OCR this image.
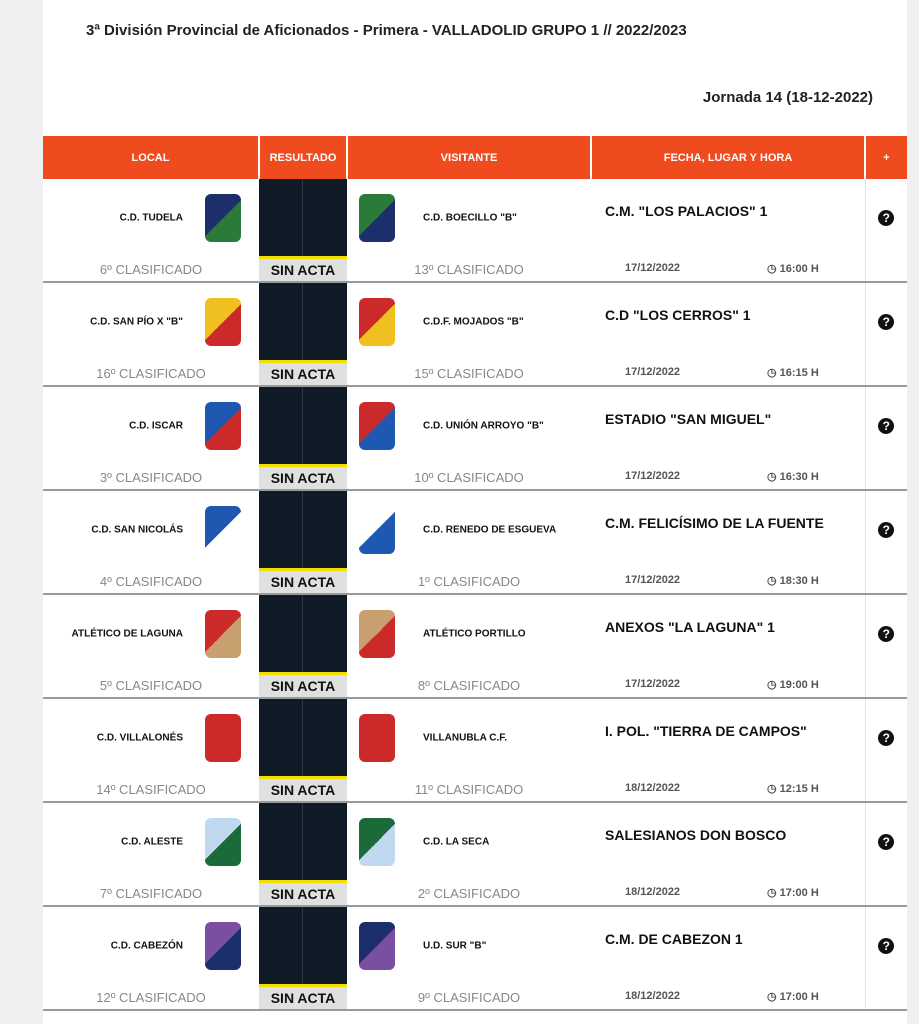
3ª División Provincial de Aficionados - Primera - VALLADOLID GRUPO 1 // 2022/2023
Jornada 14 (18-12-2022)
LOCAL	RESULTADO	VISITANTE	FECHA, LUGAR Y HORA	+

C.D. TUDELA		C.D. BOECILLO "B"	C.M. "LOS PALACIOS" 1	?
6º CLASIFICADO	SIN ACTA	13º CLASIFICADO	17/12/2022 ◷ 16:00 H	

C.D. SAN PÍO X "B"		C.D.F. MOJADOS "B"	C.D "LOS CERROS" 1	?
16º CLASIFICADO	SIN ACTA	15º CLASIFICADO	17/12/2022 ◷ 16:15 H	

C.D. ISCAR		C.D. UNIÓN ARROYO "B"	ESTADIO "SAN MIGUEL"	?
3º CLASIFICADO	SIN ACTA	10º CLASIFICADO	17/12/2022 ◷ 16:30 H	

C.D. SAN NICOLÁS		C.D. RENEDO DE ESGUEVA	C.M. FELICÍSIMO DE LA FUENTE	?
4º CLASIFICADO	SIN ACTA	1º CLASIFICADO	17/12/2022 ◷ 18:30 H	

ATLÉTICO DE LAGUNA		ATLÉTICO PORTILLO	ANEXOS "LA LAGUNA" 1	?
5º CLASIFICADO	SIN ACTA	8º CLASIFICADO	17/12/2022 ◷ 19:00 H	

C.D. VILLALONÉS		VILLANUBLA C.F.	I. POL. "TIERRA DE CAMPOS"	?
14º CLASIFICADO	SIN ACTA	11º CLASIFICADO	18/12/2022 ◷ 12:15 H	

C.D. ALESTE		C.D. LA SECA	SALESIANOS DON BOSCO	?
7º CLASIFICADO	SIN ACTA	2º CLASIFICADO	18/12/2022 ◷ 17:00 H	

C.D. CABEZÓN		U.D. SUR "B"	C.M. DE CABEZON 1	?
12º CLASIFICADO	SIN ACTA	9º CLASIFICADO	18/12/2022 ◷ 17:00 H	
